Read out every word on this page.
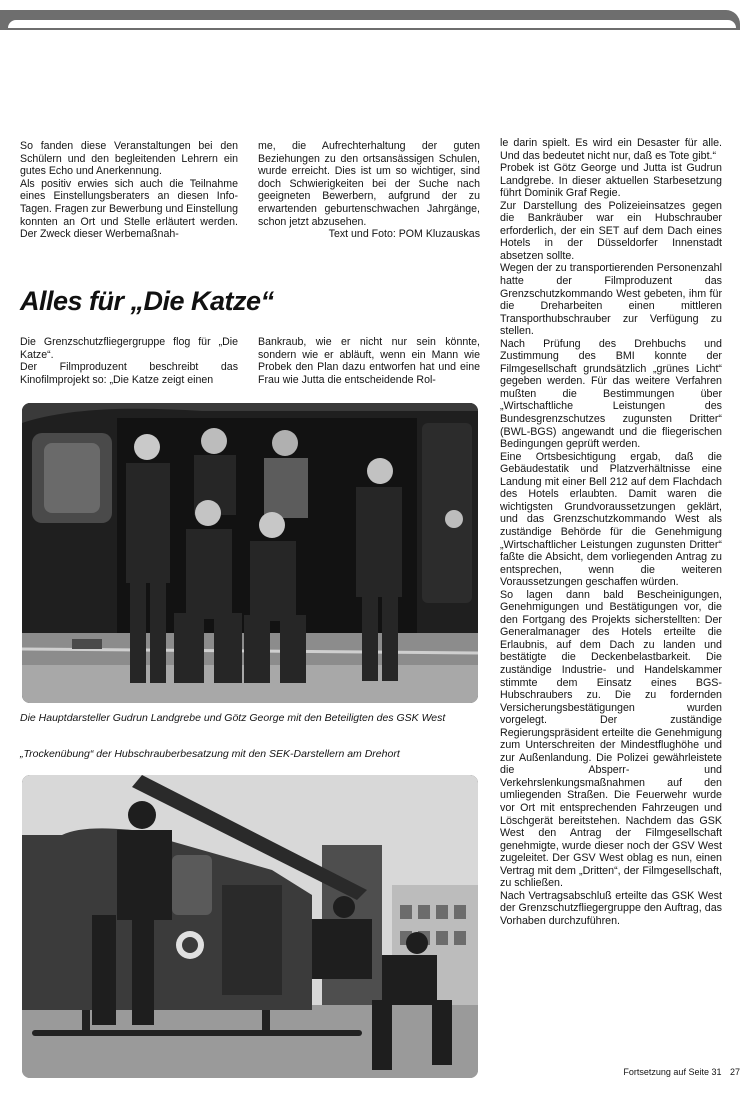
So fanden diese Veranstaltungen bei den Schülern und den begleitenden Lehrern ein gutes Echo und Anerkennung.

Als positiv erwies sich auch die Teilnahme eines Einstellungsberaters an diesen Info-Tagen. Fragen zur Bewerbung und Einstellung konnten an Ort und Stelle erläutert werden. Der Zweck dieser Werbemaßnah-

me, die Aufrechterhaltung der guten Beziehungen zu den ortsansässigen Schulen, wurde erreicht. Dies ist um so wichtiger, sind doch Schwierigkeiten bei der Suche nach geeigneten Bewerbern, aufgrund der zu erwartenden geburtenschwachen Jahrgänge, schon jetzt abzusehen.

Text und Foto: POM Kluzauskas

Alles für „Die Katze“

Die Grenzschutzfliegergruppe flog für „Die Katze“.

Der Filmproduzent beschreibt das Kinofilmprojekt so: „Die Katze zeigt einen

Bankraub, wie er nicht nur sein könnte, sondern wie er abläuft, wenn ein Mann wie Probek den Plan dazu entworfen hat und eine Frau wie Jutta die entscheidende Rol-

le darin spielt. Es wird ein Desaster für alle. Und das bedeutet nicht nur, daß es Tote gibt.“

Probek ist Götz George und Jutta ist Gudrun Landgrebe. In dieser aktuellen Starbesetzung führt Dominik Graf Regie.

Zur Darstellung des Polizeieinsatzes gegen die Bankräuber war ein Hubschrauber erforderlich, der ein SET auf dem Dach eines Hotels in der Düsseldorfer Innenstadt absetzen sollte.

Wegen der zu transportierenden Personenzahl hatte der Filmproduzent das Grenzschutzkommando West gebeten, ihm für die Dreharbeiten einen mittleren Transporthubschrauber zur Verfügung zu stellen.

Nach Prüfung des Drehbuchs und Zustimmung des BMI konnte der Filmgesellschaft grundsätzlich „grünes Licht“ gegeben werden. Für das weitere Verfahren mußten die Bestimmungen über „Wirtschaftliche Leistungen des Bundesgrenzschutzes zugunsten Dritter“ (BWL-BGS) angewandt und die fliegerischen Bedingungen geprüft werden.

Eine Ortsbesichtigung ergab, daß die Gebäudestatik und Platzverhältnisse eine Landung mit einer Bell 212 auf dem Flachdach des Hotels erlaubten. Damit waren die wichtigsten Grundvoraussetzungen geklärt, und das Grenzschutzkommando West als zuständige Behörde für die Genehmigung „Wirtschaftlicher Leistungen zugunsten Dritter“ faßte die Absicht, dem vorliegenden Antrag zu entsprechen, wenn die weiteren Voraussetzungen geschaffen würden.

So lagen dann bald Bescheinigungen, Genehmigungen und Bestätigungen vor, die den Fortgang des Projekts sicherstellten: Der Generalmanager des Hotels erteilte die Erlaubnis, auf dem Dach zu landen und bestätigte die Deckenbelastbarkeit. Die zuständige Industrie- und Handelskammer stimmte dem Einsatz eines BGS-Hubschraubers zu. Die zu fordernden Versicherungsbestätigungen wurden vorgelegt. Der zuständige Regierungspräsident erteilte die Genehmigung zum Unterschreiten der Mindestflughöhe und zur Außenlandung. Die Polizei gewährleistete die Absperr- und Verkehrslenkungsmaßnahmen auf den umliegenden Straßen. Die Feuerwehr wurde vor Ort mit entsprechenden Fahrzeugen und Löschgerät bereitstehen. Nachdem das GSK West den Antrag der Filmgesellschaft genehmigte, wurde dieser noch der GSV West zugeleitet. Der GSV West oblag es nun, einen Vertrag mit dem „Dritten“, der Filmgesellschaft, zu schließen.

Nach Vertragsabschluß erteilte das GSK West der Grenzschutzfliegergruppe den Auftrag, das Vorhaben durchzuführen.

Die Hauptdarsteller Gudrun Landgrebe und Götz George mit den Beteiligten des GSK West

„Trockenübung“ der Hubschrauberbesatzung mit den SEK-Darstellern am Drehort

Fortsetzung auf Seite 31 27
